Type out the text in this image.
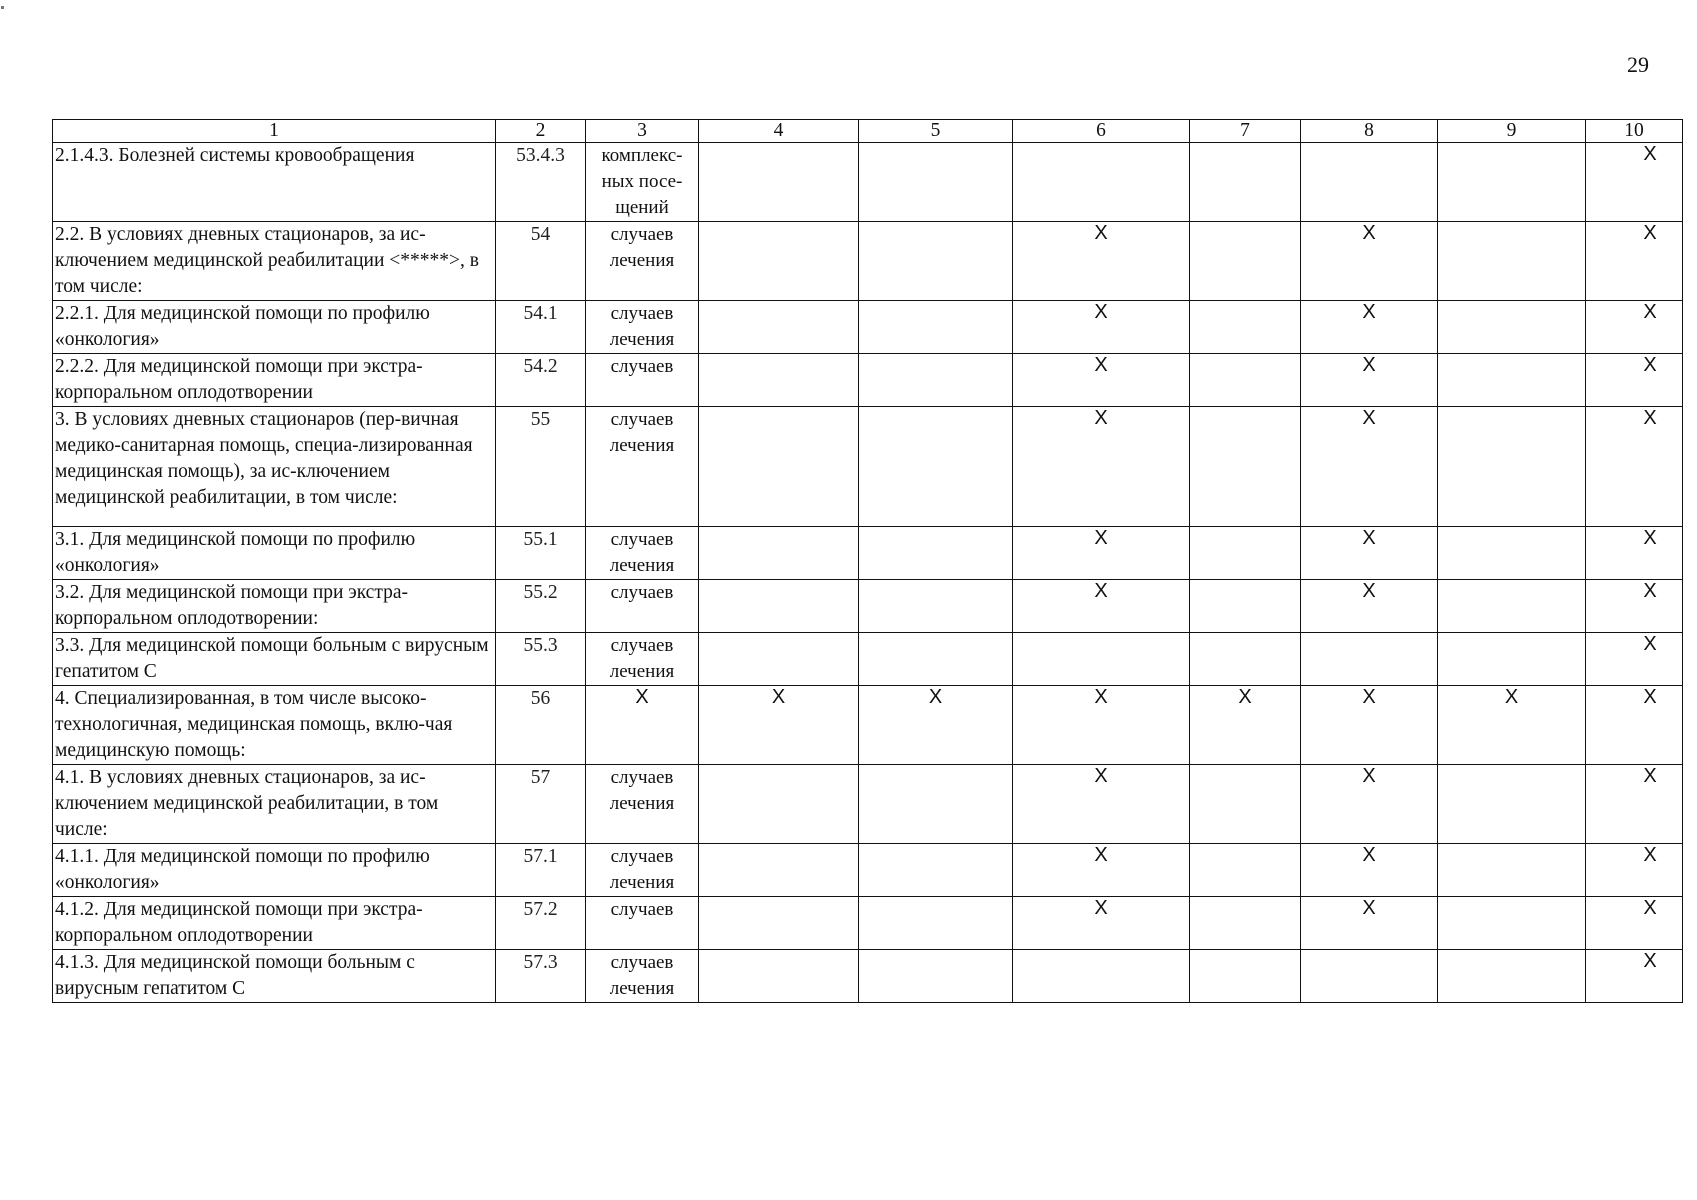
29
1	2	3	4	5	6	7	8	9	10
2.1.4.3. Болезней системы кровообращения	53.4.3	комплекс-ных посе-щений							X
2.2. В условиях дневных стационаров, за ис-ключением медицинской реабилитации <*****>, в том числе:	54	случаев лечения			X		X		X
2.2.1. Для медицинской помощи по профилю «онкология»	54.1	случаев лечения			X		X		X
2.2.2. Для медицинской помощи при экстра-корпоральном оплодотворении	54.2	случаев			X		X		X
3. В условиях дневных стационаров (пер-вичная медико-санитарная помощь, специа-лизированная медицинская помощь), за ис-ключением медицинской реабилитации, в том числе:	55	случаев лечения			X		X		X
3.1. Для медицинской помощи по профилю «онкология»	55.1	случаев лечения			X		X		X
3.2. Для медицинской помощи при экстра-корпоральном оплодотворении:	55.2	случаев			X		X		X
3.3. Для медицинской помощи больным с вирусным гепатитом С	55.3	случаев лечения							X
4. Специализированная, в том числе высоко-технологичная, медицинская помощь, вклю-чая медицинскую помощь:	56	X	X	X	X	X	X	X	X
4.1. В условиях дневных стационаров, за ис-ключением медицинской реабилитации, в том числе:	57	случаев лечения			X		X		X
4.1.1. Для медицинской помощи по профилю «онкология»	57.1	случаев лечения			X		X		X
4.1.2. Для медицинской помощи при экстра-корпоральном оплодотворении	57.2	случаев			X		X		X
4.1.3. Для медицинской помощи больным с вирусным гепатитом С	57.3	случаев лечения							X
